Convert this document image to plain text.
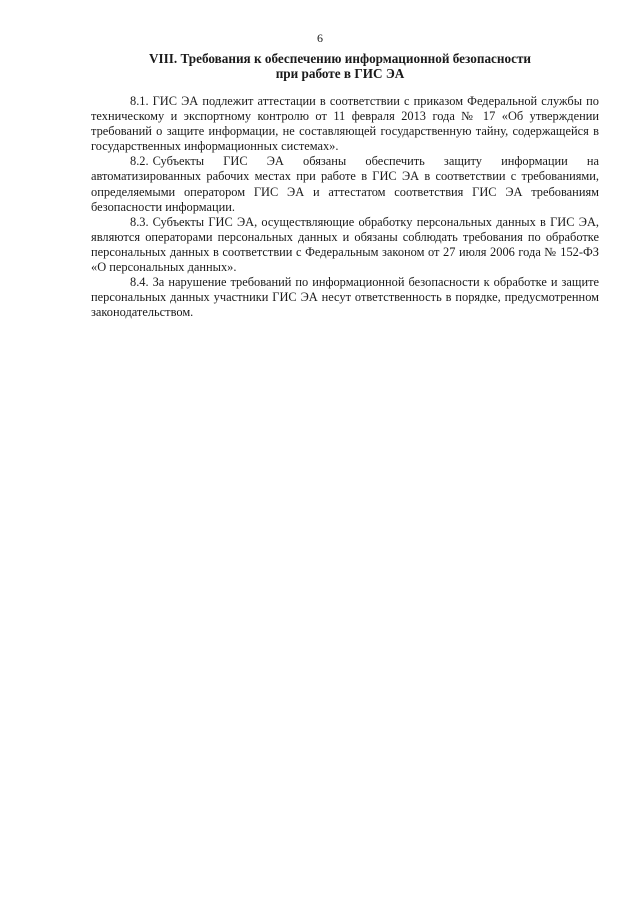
6
VIII. Требования к обеспечению информационной безопасности
при работе в ГИС ЭА

8.1. ГИС ЭА подлежит аттестации в соответствии с приказом Федеральной службы по техническому и экспортному контролю от 11 февраля 2013 года № 17 «Об утверждении требований о защите информации, не составляющей государственную тайну, содержащейся в государственных информационных системах».

8.2. Субъекты ГИС ЭА обязаны обеспечить защиту информации на автоматизированных рабочих местах при работе в ГИС ЭА в соответствии с требованиями, определяемыми оператором ГИС ЭА и аттестатом соответствия ГИС ЭА требованиям безопасности информации.

8.3. Субъекты ГИС ЭА, осуществляющие обработку персональных данных в ГИС ЭА, являются операторами персональных данных и обязаны соблюдать требования по обработке персональных данных в соответствии с Федеральным законом от 27 июля 2006 года № 152-ФЗ «О персональных данных».

8.4. За нарушение требований по информационной безопасности к обработке и защите персональных данных участники ГИС ЭА несут ответственность в порядке, предусмотренном законодательством.
